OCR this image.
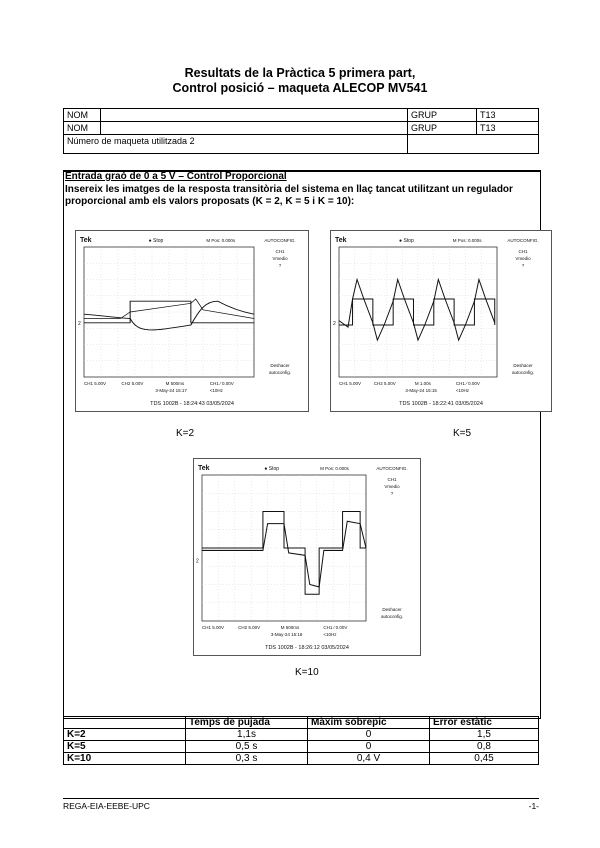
Resultats de la Pràctica 5 primera part,
Control posició – maqueta ALECOP MV541
NOM		GRUP	T13
NOM		GRUP	T13
Número de maqueta utilitzada 2			
Entrada graó de 0 a 5 V – Control Proporcional
Insereix les imatges de la resposta transitòria del sistema en llaç tancat utilitzant un regulador proporcional amb els valors proposats (K = 2, K = 5 i K = 10):
Tek	● Stop	M Pos: 0.000s	AUTOCONFIG.
CH1
Vmedio
?
Deshacer
autoconfig.
2
CH1 5.00V	CH2 5.00V	M 500ms	CH1 ∕ 0.00V
3-May-24 15:17	<10Hz
TDS 1002B - 18:24:43 03/05/2024
K=2
Tek	● Stop	M Pos: 0.000s	AUTOCONFIG.
CH1
Vmedio
?
Deshacer
autoconfig.
2
CH1 5.00V	CH2 5.00V	M 1.00s	CH1 ∕ 0.00V
3-May-24 15:15	<10Hz
TDS 1002B - 18:22:41 03/05/2024
K=5
Tek	● Stop	M Pos: 0.000s	AUTOCONFIG.
CH1
Vmedio
?
Deshacer
autoconfig.
2
CH1 5.00V	CH2 5.00V	M 500ms	CH1 ∕ 0.00V
3-May-24 15:18	<10Hz
TDS 1002B - 18:26:12 03/05/2024
K=10
	Temps de pujada	Màxim sobrepic	Error estàtic
K=2	1,1s	0	1,5
K=5	0,5 s	0	0,8
K=10	0,3 s	0,4 V	0,45
REGA-EIA-EEBE-UPC	-1-
